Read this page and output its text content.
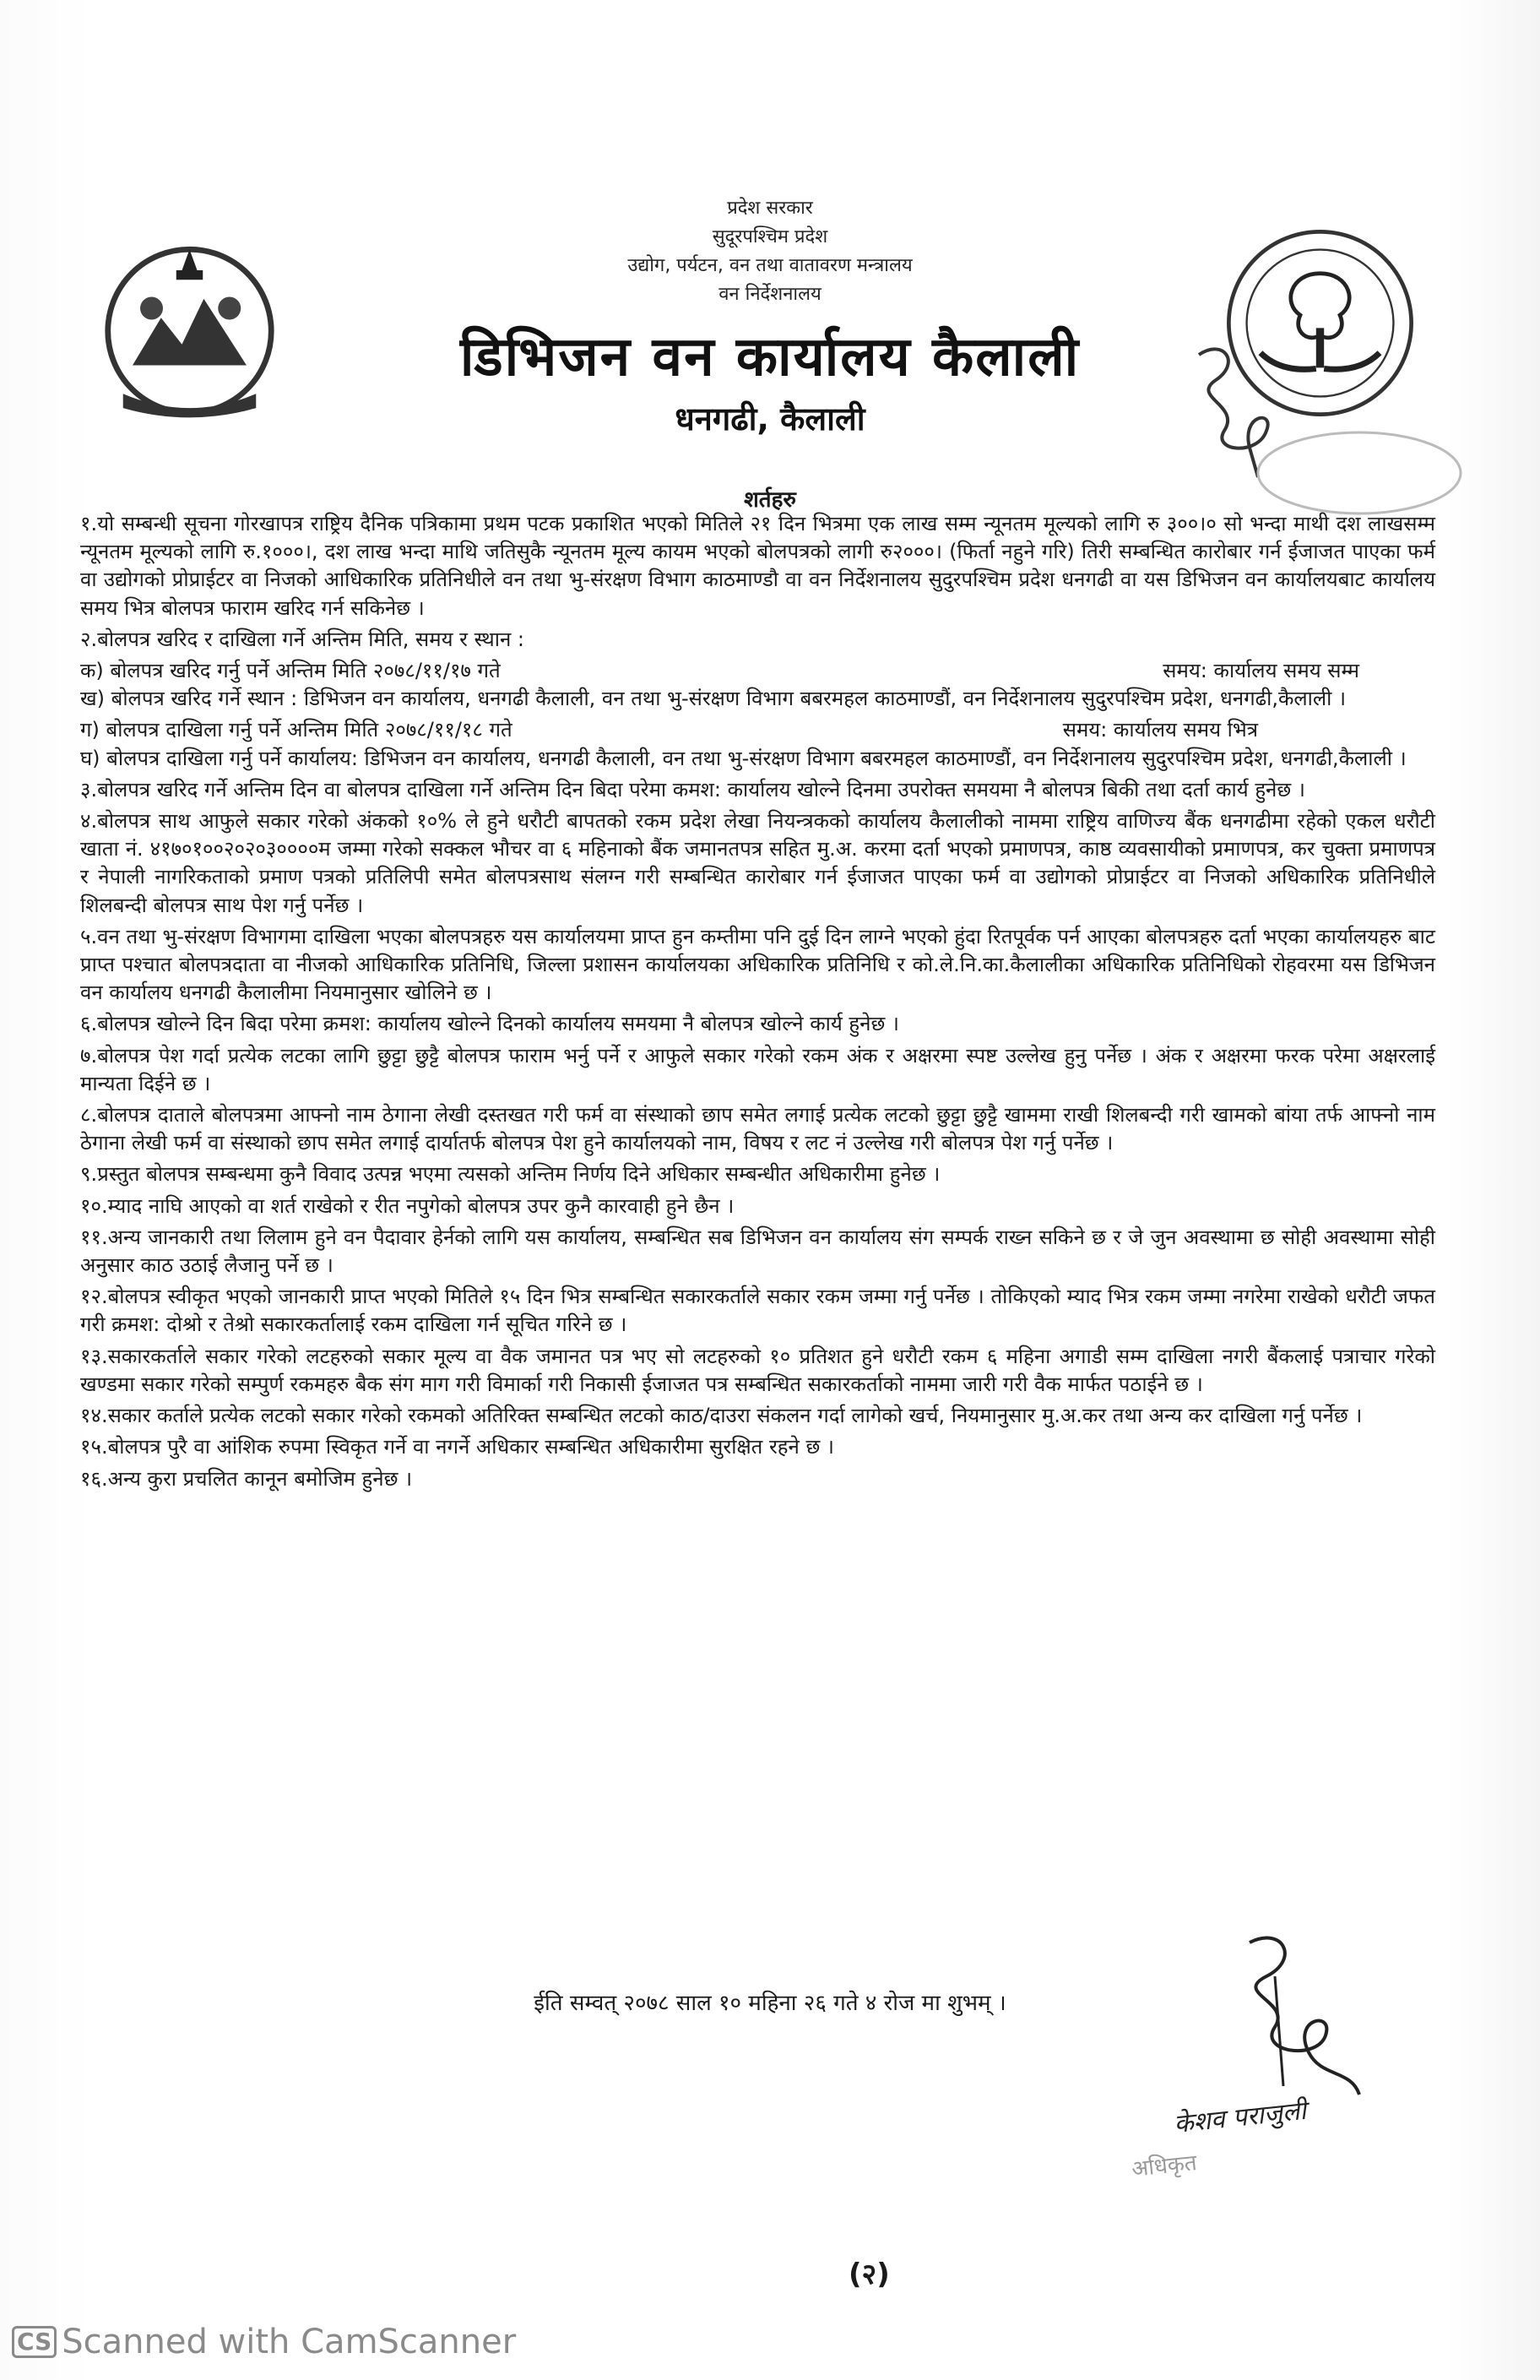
प्रदेश सरकार
सुदूरपश्चिम प्रदेश
उद्योग, पर्यटन, वन तथा वातावरण मन्त्रालय
वन निर्देशनालय
डिभिजन वन कार्यालय कैलाली
धनगढी, कैलाली
शर्तहरु

१.यो सम्बन्धी सूचना गोरखापत्र राष्ट्रिय दैनिक पत्रिकामा प्रथम पटक प्रकाशित भएको मितिले २१ दिन भित्रमा एक लाख सम्म न्यूनतम मूल्यको लागि रु ३००।० सो भन्दा माथी दश लाखसम्म न्यूनतम मूल्यको लागि रु.१०००।, दश लाख भन्दा माथि जतिसुकै न्यूनतम मूल्य कायम भएको बोलपत्रको लागी रु२०००। (फिर्ता नहुने गरि) तिरी सम्बन्धित कारोबार गर्न ईजाजत पाएका फर्म वा उद्योगको प्रोप्राईटर वा निजको आधिकारिक प्रतिनिधीले वन तथा भु-संरक्षण विभाग काठमाण्डौ वा वन निर्देशनालय सुदुरपश्चिम प्रदेश धनगढी वा यस डिभिजन वन कार्यालयबाट कार्यालय समय भित्र बोलपत्र फाराम खरिद गर्न सकिनेछ ।

२.बोलपत्र खरिद र दाखिला गर्ने अन्तिम मिति, समय र स्थान :

क) बोलपत्र खरिद गर्नु पर्ने अन्तिम मिति २०७८/११/१७ गते	समय: कार्यालय समय सम्म

ख) बोलपत्र खरिद गर्ने स्थान : डिभिजन वन कार्यालय, धनगढी कैलाली, वन तथा भु-संरक्षण विभाग बबरमहल काठमाण्डौं, वन निर्देशनालय सुदुरपश्चिम प्रदेश, धनगढी,कैलाली ।

ग) बोलपत्र दाखिला गर्नु पर्ने अन्तिम मिति २०७८/११/१८ गते	समय: कार्यालय समय भित्र

घ) बोलपत्र दाखिला गर्नु पर्ने कार्यालय: डिभिजन वन कार्यालय, धनगढी कैलाली, वन तथा भु-संरक्षण विभाग बबरमहल काठमाण्डौं, वन निर्देशनालय सुदुरपश्चिम प्रदेश, धनगढी,कैलाली ।

३.बोलपत्र खरिद गर्ने अन्तिम दिन वा बोलपत्र दाखिला गर्ने अन्तिम दिन बिदा परेमा कमश: कार्यालय खोल्ने दिनमा उपरोक्त समयमा नै बोलपत्र बिकी तथा दर्ता कार्य हुनेछ ।

४.बोलपत्र साथ आफुले सकार गरेको अंकको १०% ले हुने धरौटी बापतको रकम प्रदेश लेखा नियन्त्रकको कार्यालय कैलालीको नाममा राष्ट्रिय वाणिज्य बैंक धनगढीमा रहेको एकल धरौटी खाता नं. ४१७०१००२०२०३००००म जम्मा गरेको सक्कल भौचर वा ६ महिनाको बैंक जमानतपत्र सहित मु.अ. करमा दर्ता भएको प्रमाणपत्र, काष्ठ व्यवसायीको प्रमाणपत्र, कर चुक्ता प्रमाणपत्र र नेपाली नागरिकताको प्रमाण पत्रको प्रतिलिपी समेत बोलपत्रसाथ संलग्न गरी सम्बन्धित कारोबार गर्न ईजाजत पाएका फर्म वा उद्योगको प्रोप्राईटर वा निजको अधिकारिक प्रतिनिधीले शिलबन्दी बोलपत्र साथ पेश गर्नु पर्नेछ ।

५.वन तथा भु-संरक्षण विभागमा दाखिला भएका बोलपत्रहरु यस कार्यालयमा प्राप्त हुन कम्तीमा पनि दुई दिन लाग्ने भएको हुंदा रितपूर्वक पर्न आएका बोलपत्रहरु दर्ता भएका कार्यालयहरु बाट प्राप्त पश्चात बोलपत्रदाता वा नीजको आधिकारिक प्रतिनिधि, जिल्ला प्रशासन कार्यालयका अधिकारिक प्रतिनिधि र को.ले.नि.का.कैलालीका अधिकारिक प्रतिनिधिको रोहवरमा यस डिभिजन वन कार्यालय धनगढी कैलालीमा नियमानुसार खोलिने छ ।

६.बोलपत्र खोल्ने दिन बिदा परेमा क्रमश: कार्यालय खोल्ने दिनको कार्यालय समयमा नै बोलपत्र खोल्ने कार्य हुनेछ ।

७.बोलपत्र पेश गर्दा प्रत्येक लटका लागि छुट्टा छुट्टै बोलपत्र फाराम भर्नु पर्ने र आफुले सकार गरेको रकम अंक र अक्षरमा स्पष्ट उल्लेख हुनु पर्नेछ । अंक र अक्षरमा फरक परेमा अक्षरलाई मान्यता दिईने छ ।

८.बोलपत्र दाताले बोलपत्रमा आफ्नो नाम ठेगाना लेखी दस्तखत गरी फर्म वा संस्थाको छाप समेत लगाई प्रत्येक लटको छुट्टा छुट्टै खाममा राखी शिलबन्दी गरी खामको बांया तर्फ आफ्नो नाम ठेगाना लेखी फर्म वा संस्थाको छाप समेत लगाई दार्यातर्फ बोलपत्र पेश हुने कार्यालयको नाम, विषय र लट नं उल्लेख गरी बोलपत्र पेश गर्नु पर्नेछ ।

९.प्रस्तुत बोलपत्र सम्बन्धमा कुनै विवाद उत्पन्न भएमा त्यसको अन्तिम निर्णय दिने अधिकार सम्बन्धीत अधिकारीमा हुनेछ ।

१०.म्याद नाघि आएको वा शर्त राखेको र रीत नपुगेको बोलपत्र उपर कुनै कारवाही हुने छैन ।

११.अन्य जानकारी तथा लिलाम हुने वन पैदावार हेर्नको लागि यस कार्यालय, सम्बन्धित सब डिभिजन वन कार्यालय संग सम्पर्क राख्न सकिने छ र जे जुन अवस्थामा छ सोही अवस्थामा सोही अनुसार काठ उठाई लैजानु पर्ने छ ।

१२.बोलपत्र स्वीकृत भएको जानकारी प्राप्त भएको मितिले १५ दिन भित्र सम्बन्धित सकारकर्ताले सकार रकम जम्मा गर्नु पर्नेछ । तोकिएको म्याद भित्र रकम जम्मा नगरेमा राखेको धरौटी जफत गरी क्रमश: दोश्रो र तेश्रो सकारकर्तालाई रकम दाखिला गर्न सूचित गरिने छ ।

१३.सकारकर्ताले सकार गरेको लटहरुको सकार मूल्य वा वैक जमानत पत्र भए सो लटहरुको १० प्रतिशत हुने धरौटी रकम ६ महिना अगाडी सम्म दाखिला नगरी बैंकलाई पत्राचार गरेको खण्डमा सकार गरेको सम्पुर्ण रकमहरु बैक संग माग गरी विमार्का गरी निकासी ईजाजत पत्र सम्बन्धित सकारकर्ताको नाममा जारी गरी वैक मार्फत पठाईने छ ।

१४.सकार कर्ताले प्रत्येक लटको सकार गरेको रकमको अतिरिक्त सम्बन्धित लटको काठ/दाउरा संकलन गर्दा लागेको खर्च, नियमानुसार मु.अ.कर तथा अन्य कर दाखिला गर्नु पर्नेछ ।

१५.बोलपत्र पुरै वा आंशिक रुपमा स्विकृत गर्ने वा नगर्ने अधिकार सम्बन्धित अधिकारीमा सुरक्षित रहने छ ।

१६.अन्य कुरा प्रचलित कानून बमोजिम हुनेछ ।

ईति सम्वत् २०७८ साल १० महिना २६ गते ४ रोज मा शुभम् ।
केशव पराजुली
अधिकृत
(२)
CS Scanned with CamScanner
